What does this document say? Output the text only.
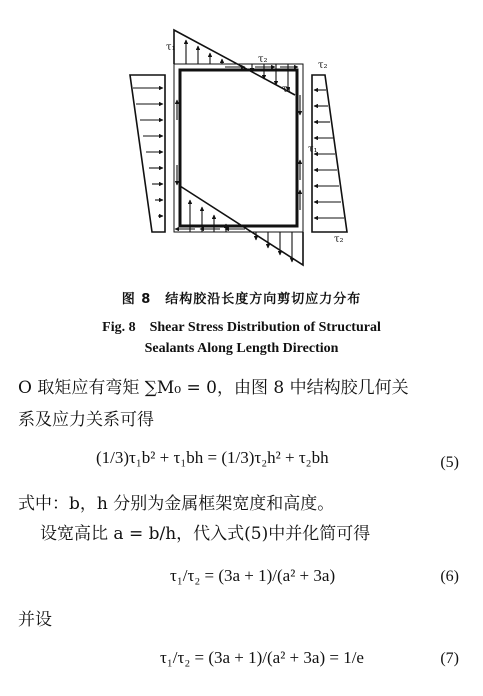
τ₁
τ₂
τ₁
τ₂
τ₁
τ₂
图 8　结构胶沿长度方向剪切应力分布
Fig. 8　Shear Stress Distribution of Structural
Sealants Along Length Direction
O 取矩应有弯矩 ∑M₀ = 0，由图 8 中结构胶几何关
系及应力关系可得
(1/3)τ₁b² + τ₁bh = (1/3)τ₂h² + τ₂bh	(5)
式中：b，h 分别为金属框架宽度和高度。
设宽高比 a = b/h，代入式(5)中并化简可得
τ₁/τ₂ = (3a + 1)/(a² + 3a)	(6)
并设
τ₁/τ₂ = (3a + 1)/(a² + 3a) = 1/e	(7)
